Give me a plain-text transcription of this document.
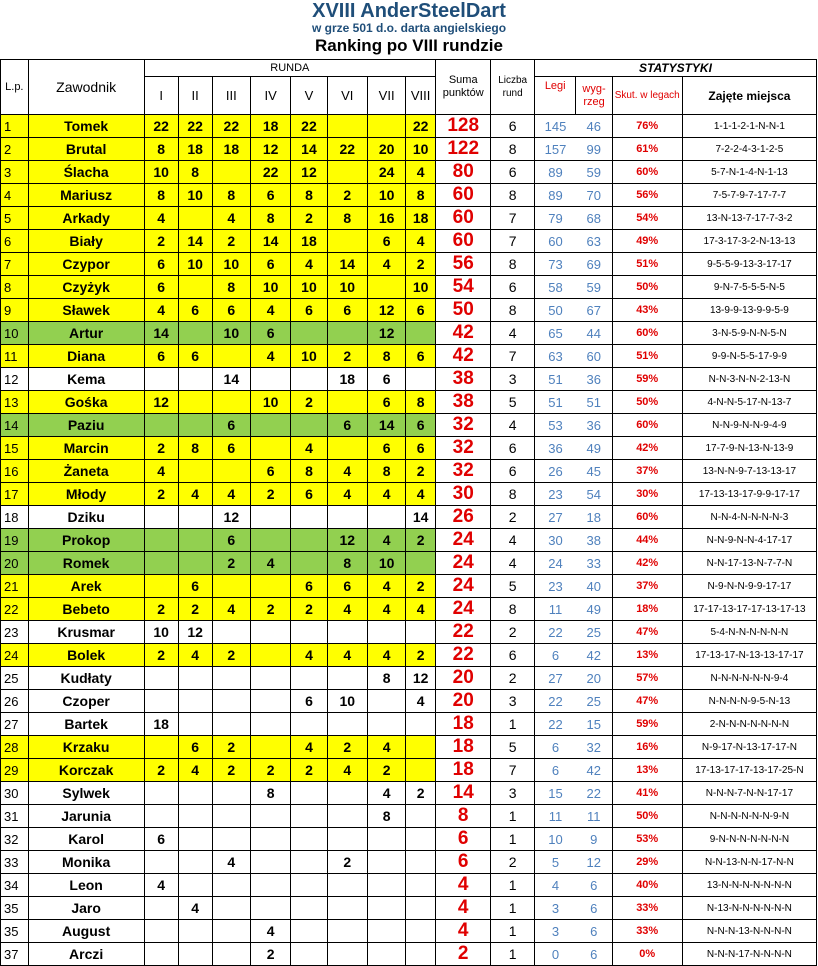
XVIII AnderSteelDart
w grze 501 d.o. darta angielskiego
Ranking po VIII rundzie
L.p.	Zawodnik	RUNDA								Suma punktów	Liczba rund	STATYSTYKI			
		I	II	III	IV	V	VI	VII	VIII			Legi	wyg-rzeg	Skut. w legach	Zajęte miejsca
1	Tomek	22	22	22	18	22			22	128	6	145	46	76%	1-1-1-2-1-N-N-1
2	Brutal	8	18	18	12	14	22	20	10	122	8	157	99	61%	7-2-2-4-3-1-2-5
3	Ślacha	10	8		22	12		24	4	80	6	89	59	60%	5-7-N-1-4-N-1-13
4	Mariusz	8	10	8	6	8	2	10	8	60	8	89	70	56%	7-5-7-9-7-17-7-7
5	Arkady	4		4	8	2	8	16	18	60	7	79	68	54%	13-N-13-7-17-7-3-2
6	Biały	2	14	2	14	18		6	4	60	7	60	63	49%	17-3-17-3-2-N-13-13
7	Czypor	6	10	10	6	4	14	4	2	56	8	73	69	51%	9-5-5-9-13-3-17-17
8	Czyżyk	6		8	10	10	10		10	54	6	58	59	50%	9-N-7-5-5-5-N-5
9	Sławek	4	6	6	4	6	6	12	6	50	8	50	67	43%	13-9-9-13-9-9-5-9
10	Artur	14		10	6			12		42	4	65	44	60%	3-N-5-9-N-N-5-N
11	Diana	6	6		4	10	2	8	6	42	7	63	60	51%	9-9-N-5-5-17-9-9
12	Kema			14			18	6		38	3	51	36	59%	N-N-3-N-N-2-13-N
13	Gośka	12			10	2		6	8	38	5	51	51	50%	4-N-N-5-17-N-13-7
14	Paziu			6			6	14	6	32	4	53	36	60%	N-N-9-N-N-9-4-9
15	Marcin	2	8	6		4		6	6	32	6	36	49	42%	17-7-9-N-13-N-13-9
16	Żaneta	4			6	8	4	8	2	32	6	26	45	37%	13-N-N-9-7-13-13-17
17	Młody	2	4	4	2	6	4	4	4	30	8	23	54	30%	17-13-13-17-9-9-17-17
18	Dziku			12					14	26	2	27	18	60%	N-N-4-N-N-N-N-3
19	Prokop			6			12	4	2	24	4	30	38	44%	N-N-9-N-N-4-17-17
20	Romek			2	4		8	10		24	4	24	33	42%	N-N-17-13-N-7-7-N
21	Arek		6			6	6	4	2	24	5	23	40	37%	N-9-N-N-9-9-17-17
22	Bebeto	2	2	4	2	2	4	4	4	24	8	11	49	18%	17-17-13-17-17-13-17-13
23	Krusmar	10	12							22	2	22	25	47%	5-4-N-N-N-N-N-N
24	Bolek	2	4	2		4	4	4	2	22	6	6	42	13%	17-13-17-N-13-13-17-17
25	Kudłaty							8	12	20	2	27	20	57%	N-N-N-N-N-N-9-4
26	Czoper					6	10		4	20	3	22	25	47%	N-N-N-N-9-5-N-13
27	Bartek	18								18	1	22	15	59%	2-N-N-N-N-N-N-N
28	Krzaku		6	2		4	2	4		18	5	6	32	16%	N-9-17-N-13-17-17-N
29	Korczak	2	4	2	2	2	4	2		18	7	6	42	13%	17-13-17-17-13-17-25-N
30	Sylwek				8			4	2	14	3	15	22	41%	N-N-N-7-N-N-17-17
31	Jarunia							8		8	1	11	11	50%	N-N-N-N-N-N-9-N
32	Karol	6								6	1	10	9	53%	9-N-N-N-N-N-N-N
33	Monika			4			2			6	2	5	12	29%	N-N-13-N-N-17-N-N
34	Leon	4								4	1	4	6	40%	13-N-N-N-N-N-N-N
35	Jaro		4							4	1	3	6	33%	N-13-N-N-N-N-N-N
35	August				4					4	1	3	6	33%	N-N-N-13-N-N-N-N
37	Arczi				2					2	1	0	6	0%	N-N-N-17-N-N-N-N
